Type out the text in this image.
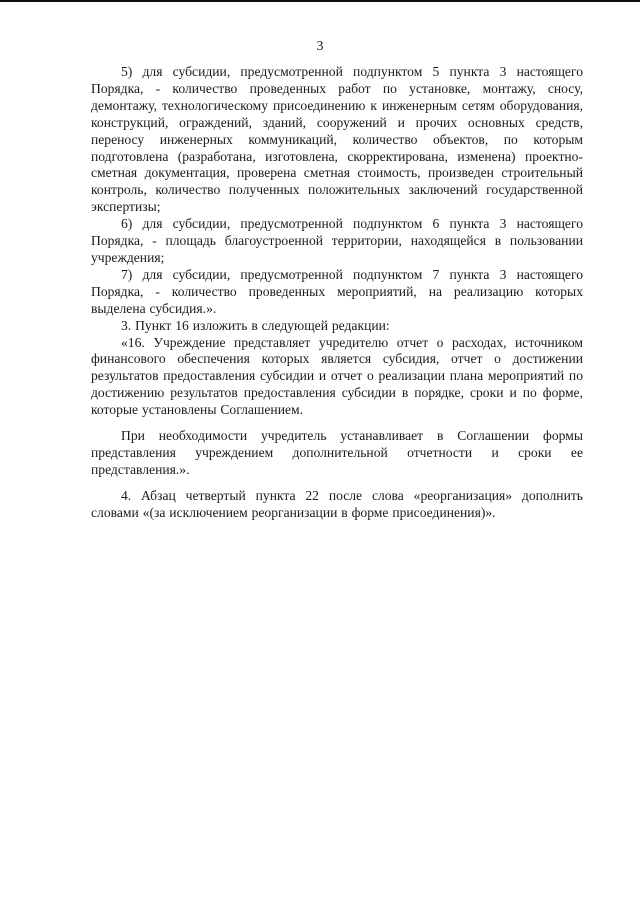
3

5) для субсидии, предусмотренной подпунктом 5 пункта 3 настоящего Порядка, - количество проведенных работ по установке, монтажу, сносу, демонтажу, технологическому присоединению к инженерным сетям оборудования, конструкций, ограждений, зданий, сооружений и прочих основных средств, переносу инженерных коммуникаций, количество объектов, по которым подготовлена (разработана, изготовлена, скорректирована, изменена) проектно-сметная документация, проверена сметная стоимость, произведен строительный контроль, количество полученных положительных заключений государственной экспертизы;

6) для субсидии, предусмотренной подпунктом 6 пункта 3 настоящего Порядка, - площадь благоустроенной территории, находящейся в пользовании учреждения;

7) для субсидии, предусмотренной подпунктом 7 пункта 3 настоящего Порядка, - количество проведенных мероприятий, на реализацию которых выделена субсидия.».

3. Пункт 16 изложить в следующей редакции:

«16. Учреждение представляет учредителю отчет о расходах, источником финансового обеспечения которых является субсидия, отчет о достижении результатов предоставления субсидии и отчет о реализации плана мероприятий по достижению результатов предоставления субсидии в порядке, сроки и по форме, которые установлены Соглашением.

При необходимости учредитель устанавливает в Соглашении формы представления учреждением дополнительной отчетности и сроки ее представления.».

4. Абзац четвертый пункта 22 после слова «реорганизация» дополнить словами «(за исключением реорганизации в форме присоединения)».
